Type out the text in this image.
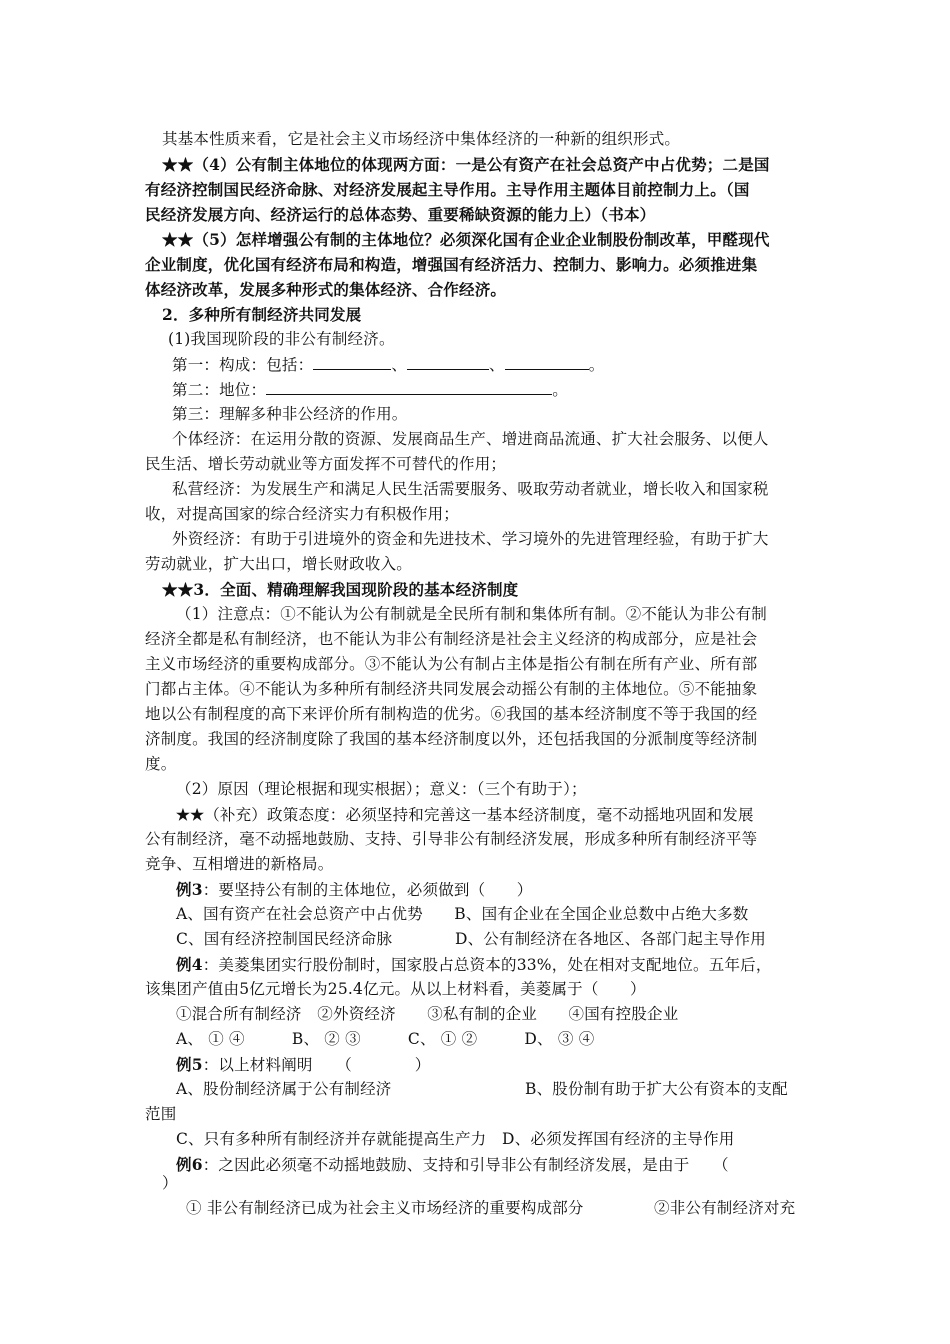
其基本性质来看，它是社会主义市场经济中集体经济的一种新的组织形式。
★★（4）公有制主体地位的体现两方面：一是公有资产在社会总资产中占优势；二是国
有经济控制国民经济命脉、对经济发展起主导作用。主导作用主题体目前控制力上。（国
民经济发展方向、经济运行的总体态势、重要稀缺资源的能力上）（书本）
★★（5）怎样增强公有制的主体地位？必须深化国有企业企业制股份制改革，甲醛现代
企业制度，优化国有经济布局和构造，增强国有经济活力、控制力、影响力。必须推进集
体经济改革，发展多种形式的集体经济、合作经济。
2．多种所有制经济共同发展
(1)我国现阶段的非公有制经济。
第一：构成：包括：	、	、	。
第二：地位：	。
第三：理解多种非公经济的作用。
个体经济：在运用分散的资源、发展商品生产、增进商品流通、扩大社会服务、以便人
民生活、增长劳动就业等方面发挥不可替代的作用；
私营经济：为发展生产和满足人民生活需要服务、吸取劳动者就业，增长收入和国家税
收，对提高国家的综合经济实力有积极作用；
外资经济：有助于引进境外的资金和先进技术、学习境外的先进管理经验，有助于扩大
劳动就业，扩大出口，增长财政收入。
★★3．全面、精确理解我国现阶段的基本经济制度
（1）注意点：①不能认为公有制就是全民所有制和集体所有制。②不能认为非公有制
经济全都是私有制经济，也不能认为非公有制经济是社会主义经济的构成部分，应是社会
主义市场经济的重要构成部分。③不能认为公有制占主体是指公有制在所有产业、所有部
门都占主体。④不能认为多种所有制经济共同发展会动摇公有制的主体地位。⑤不能抽象
地以公有制程度的高下来评价所有制构造的优劣。⑥我国的基本经济制度不等于我国的经
济制度。我国的经济制度除了我国的基本经济制度以外，还包括我国的分派制度等经济制
度。
（2）原因（理论根据和现实根据）；意义：（三个有助于）；
★★（补充）政策态度：必须坚持和完善这一基本经济制度，毫不动摇地巩固和发展
公有制经济，毫不动摇地鼓励、支持、引导非公有制经济发展，形成多种所有制经济平等
竞争、互相增进的新格局。
例3：要坚持公有制的主体地位，必须做到（　　）
A、国有资产在社会总资产中占优势　　B、国有企业在全国企业总数中占绝大多数
C、国有经济控制国民经济命脉　　　　D、公有制经济在各地区、各部门起主导作用
例4：美菱集团实行股份制时，国家股占总资本的33%，处在相对支配地位。五年后，
该集团产值由5亿元增长为25.4亿元。从以上材料看，美菱属于（　　）
①混合所有制经济　②外资经济　　③私有制的企业　　④国有控股企业
A、 ① ④　　　B、 ② ③　　　C、 ① ②　　　D、 ③ ④
例5：以上材料阐明　　（　　　　）
A、股份制经济属于公有制经济	B、股份制有助于扩大公有资本的支配
范围
C、只有多种所有制经济并存就能提高生产力　D、必须发挥国有经济的主导作用
例6：之因此必须毫不动摇地鼓励、支持和引导非公有制经济发展，是由于　　（
）
① 非公有制经济已成为社会主义市场经济的重要构成部分	②非公有制经济对充
